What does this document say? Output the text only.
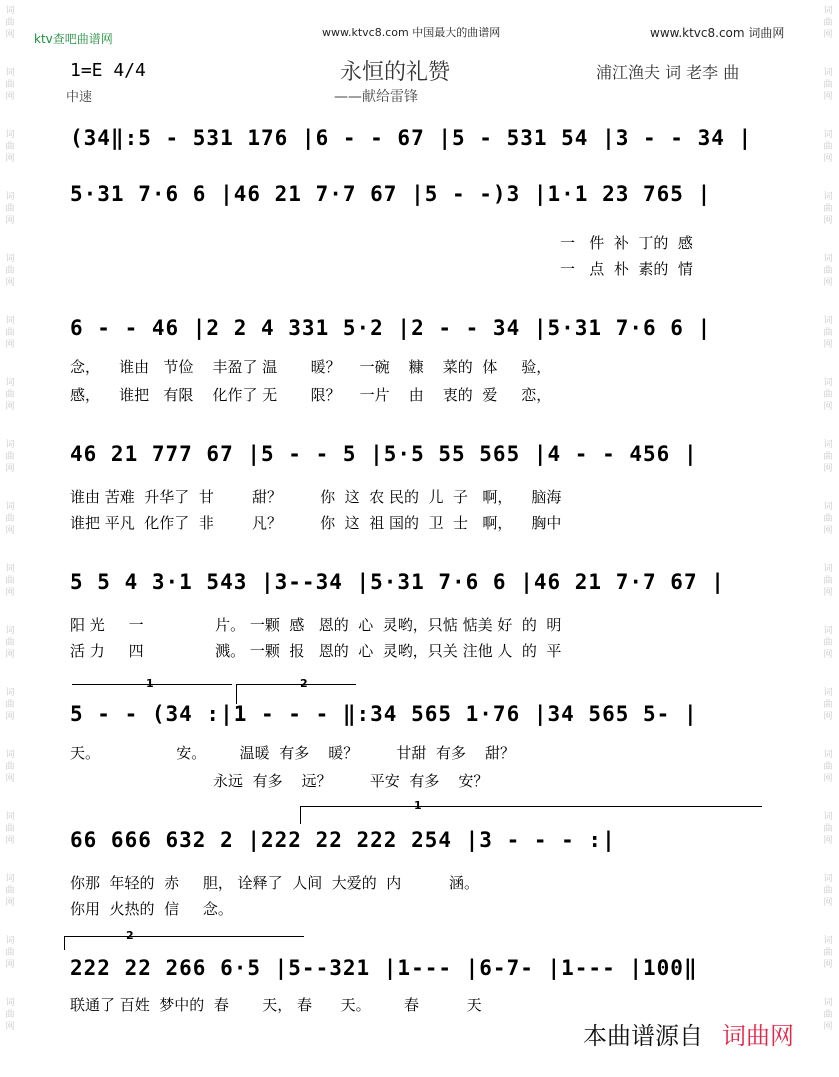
词
曲
网
词
曲
网
词
曲
网
词
曲
网
词
曲
网
词
曲
网
词
曲
网
词
曲
网
词
曲
网
词
曲
网
词
曲
网
词
曲
网
词
曲
网
词
曲
网
词
曲
网
词
曲
网
词
曲
网
词
曲
网
词
曲
网
词
曲
网
词
曲
网
词
曲
网
词
曲
网
词
曲
网
词
曲
网
词
曲
网
词
曲
网
词
曲
网
词
曲
网
词
曲
网
词
曲
网
词
曲
网
词
曲
网
词
曲
网
ktv查吧曲谱网	www.ktvc8.com 中国最大的曲谱网	www.ktvc8.com 词曲网
1=E 4/4	永恒的礼赞	浦江渔夫 词 老李 曲
中速	——献给雷锋
(34‖:5 - 531 176 |6 - - 67 |5 - 531 54 |3 - - 34 |
5·31 7·6 6 |46 21 7·7 67 |5 - -)3 |1·1 23 765 |
一   件  补  丁的  感
一   点  朴  素的  情
6 - - 46 |2 2 4 331 5·2 |2 - - 34 |5·31 7·6 6 |
念，    谁由   节俭    丰盈了 温       暖？    一碗    糠    菜的  体     验，
感，    谁把   有限    化作了 无       限？    一片    由    衷的  爱     恋，
46 21 777 67 |5 - - 5 |5·5 55 565 |4 - - 456 |
谁由 苦难  升华了  甘        甜？        你  这  农 民的  儿  子   啊，    脑海
谁把 平凡  化作了  非        凡？        你  这  祖 国的  卫  士   啊，    胸中
5 5 4 3·1 543 |3--34 |5·31 7·6 6 |46 21 7·7 67 |
阳 光     一               片。 一颗  感   恩的  心  灵哟，只惦 惦美 好  的  明
活 力     四               溅。 一颗  报   恩的  心  灵哟，只关 注他 人  的  平
1	2
5 - - (34 :|1 - - - ‖:34 565 1·76 |34 565 5- |
天。                安。       温暖  有多    暖？        甘甜  有多    甜？
永远  有多    远？        平安  有多    安？
1
66 666 632 2 |222 22 222 254 |3 - - - :|
你那  年轻的  赤     胆， 诠释了  人间  大爱的  内          涵。
你用  火热的  信     念。
2
222 22 266 6·5 |5--321 |1--- |6-7- |1--- |100‖
联通了 百姓  梦中的  春       天， 春      天。       春          天
本曲谱源自 词曲网
